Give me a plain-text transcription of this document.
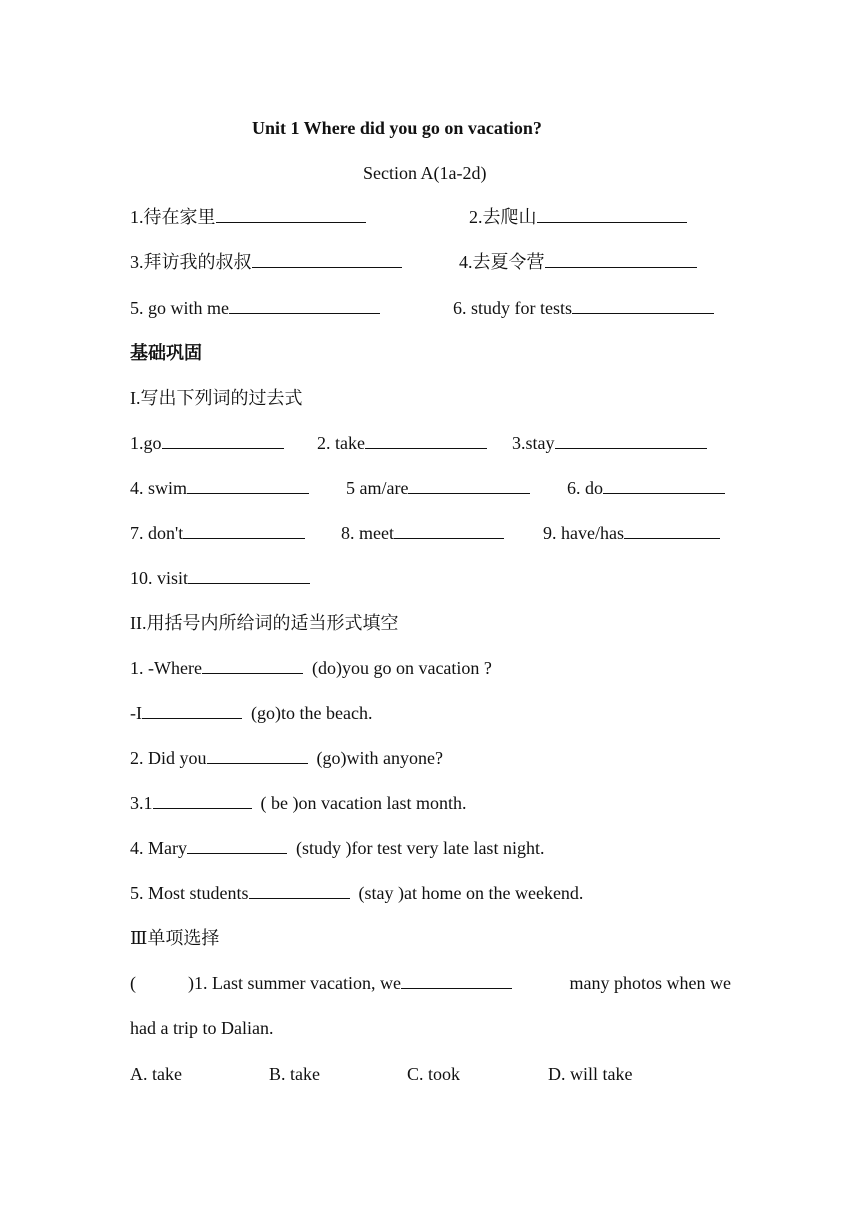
Unit 1 Where did you go on vacation?
Section A(1a-2d)
1.待在家里	2.去爬山
3.拜访我的叔叔	4.去夏令营
5. go with me	6. study for tests
基础巩固
I.写出下列词的过去式
1.go	2. take	3.stay
4. swim	5 am/are	6. do
7. don't	8. meet	9. have/has
10. visit
II.用括号内所给词的适当形式填空
1. -Where	(do)you go on vacation ?
-I	(go)to the beach.
2. Did you	(go)with anyone?
3.1	( be )on vacation last month.
4. Mary	(study )for test very late last night.
5. Most students	(stay )at home on the weekend.
Ⅲ单项选择
(	)1. Last summer vacation, we	many photos when we
had a trip to Dalian.
A. take	B. take	C. took	D. will take
